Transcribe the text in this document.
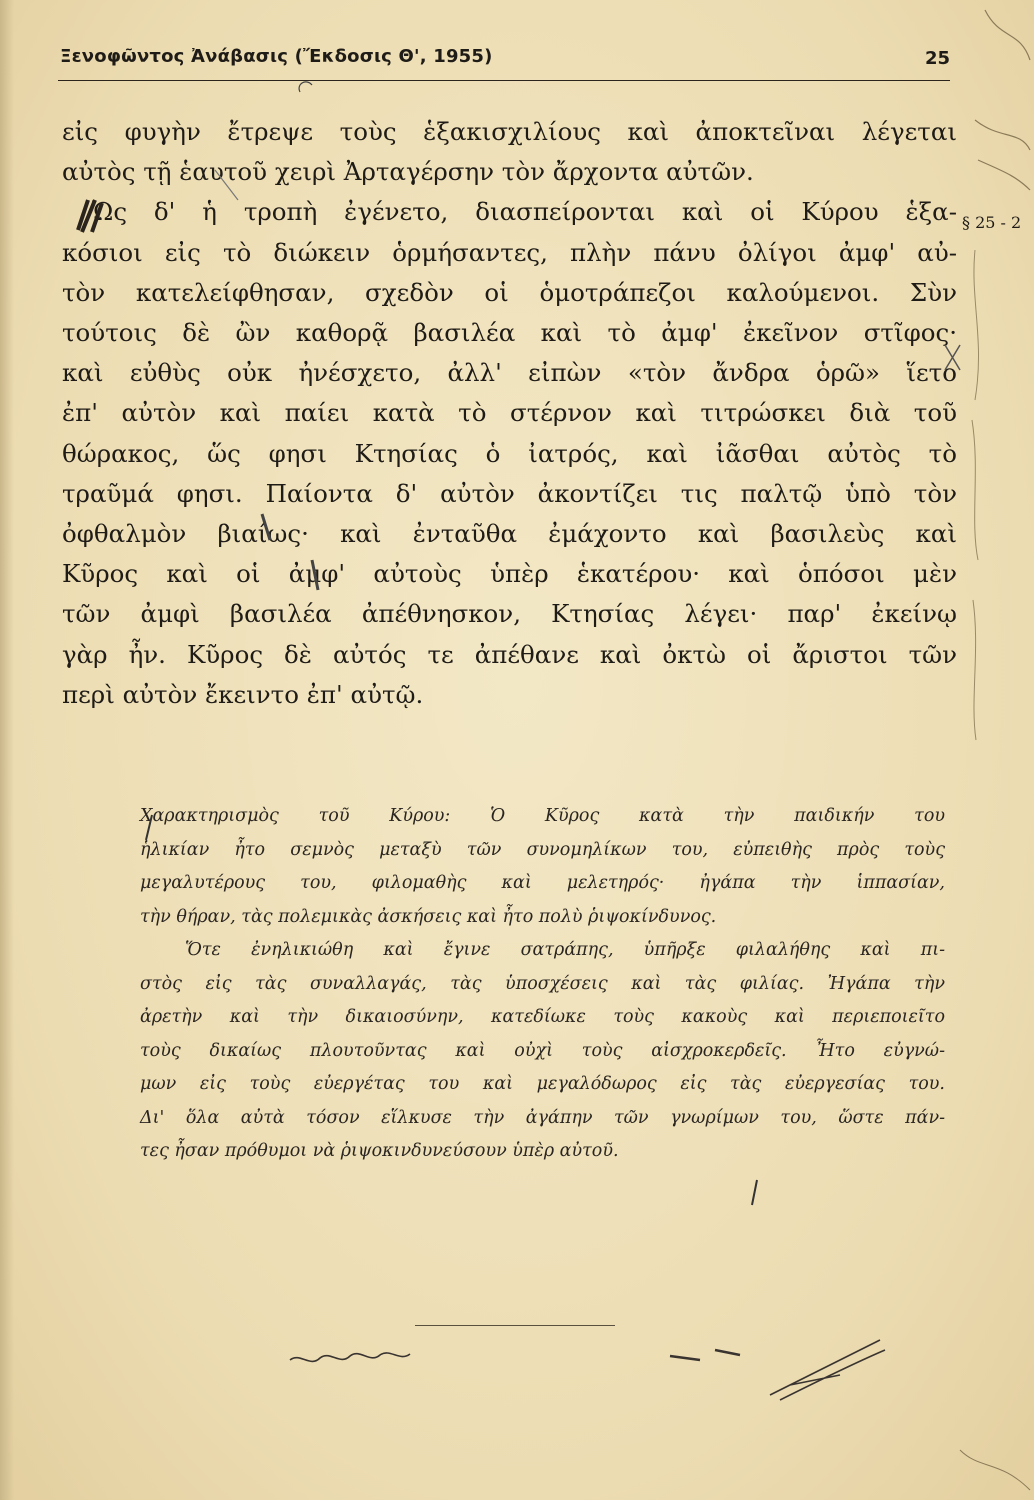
Ξενοφῶντος Ἀνάβασις (Ἔκδοσις Θ', 1955)	25
εἰς φυγὴν ἔτρεψε τοὺς ἑξακισχιλίους καὶ ἀποκτεῖναι λέγεται
αὐτὸς τῇ ἑαυτοῦ χειρὶ Ἀρταγέρσην τὸν ἄρχοντα αὐτῶν.
Ὡς δ' ἡ τροπὴ ἐγένετο, διασπείρονται καὶ οἱ Κύρου ἑξα-
κόσιοι εἰς τὸ διώκειν ὁρμήσαντες, πλὴν πάνυ ὀλίγοι ἀμφ' αὐ-
τὸν κατελείφθησαν, σχεδὸν οἱ ὁμοτράπεζοι καλούμενοι. Σὺν
τούτοις δὲ ὢν καθορᾷ βασιλέα καὶ τὸ ἀμφ' ἐκεῖνον στῖφος·
καὶ εὐθὺς οὐκ ἠνέσχετο, ἀλλ' εἰπὼν «τὸν ἄνδρα ὁρῶ» ἵετο
ἐπ' αὐτὸν καὶ παίει κατὰ τὸ στέρνον καὶ τιτρώσκει διὰ τοῦ
θώρακος, ὥς φησι Κτησίας ὁ ἰατρός, καὶ ἰᾶσθαι αὐτὸς τὸ
τραῦμά φησι. Παίοντα δ' αὐτὸν ἀκοντίζει τις παλτῷ ὑπὸ τὸν
ὀφθαλμὸν βιαίως· καὶ ἐνταῦθα ἐμάχοντο καὶ βασιλεὺς καὶ
Κῦρος καὶ οἱ ἀμφ' αὐτοὺς ὑπὲρ ἑκατέρου· καὶ ὁπόσοι μὲν
τῶν ἀμφὶ βασιλέα ἀπέθνησκον, Κτησίας λέγει· παρ' ἐκείνῳ
γὰρ ἦν. Κῦρος δὲ αὐτός τε ἀπέθανε καὶ ὀκτὼ οἱ ἄριστοι τῶν
περὶ αὐτὸν ἔκειντο ἐπ' αὐτῷ.
§ 25 - 2
Χαρακτηρισμὸς τοῦ Κύρου: Ὁ Κῦρος κατὰ τὴν παιδικήν του
ἡλικίαν ἦτο σεμνὸς μεταξὺ τῶν συνομηλίκων του, εὐπειθὴς πρὸς τοὺς
μεγαλυτέρους του, φιλομαθὴς καὶ μελετηρός· ἠγάπα τὴν ἱππασίαν,
τὴν θήραν, τὰς πολεμικὰς ἀσκήσεις καὶ ἦτο πολὺ ῥιψοκίνδυνος.
Ὅτε ἐνηλικιώθη καὶ ἔγινε σατράπης, ὑπῆρξε φιλαλήθης καὶ πι-
στὸς εἰς τὰς συναλλαγάς, τὰς ὑποσχέσεις καὶ τὰς φιλίας. Ἠγάπα τὴν
ἀρετὴν καὶ τὴν δικαιοσύνην, κατεδίωκε τοὺς κακοὺς καὶ περιεποιεῖτο
τοὺς δικαίως πλουτοῦντας καὶ οὐχὶ τοὺς αἰσχροκερδεῖς. Ἦτο εὐγνώ-
μων εἰς τοὺς εὐεργέτας του καὶ μεγαλόδωρος εἰς τὰς εὐεργεσίας του.
Δι' ὅλα αὐτὰ τόσον εἵλκυσε τὴν ἀγάπην τῶν γνωρίμων του, ὥστε πάν-
τες ἦσαν πρόθυμοι νὰ ῥιψοκινδυνεύσουν ὑπὲρ αὐτοῦ.
